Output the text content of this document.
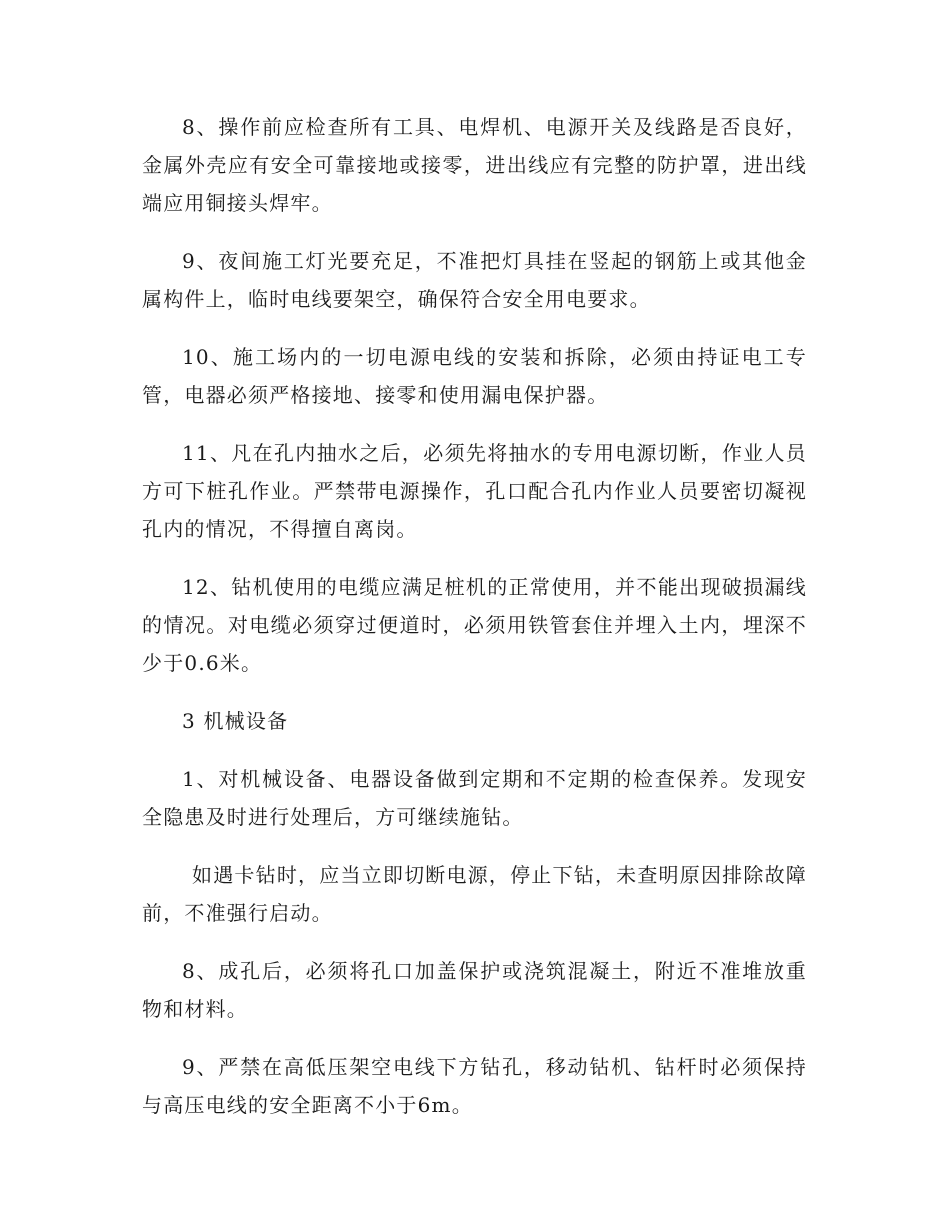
8、操作前应检查所有工具、电焊机、电源开关及线路是否良好，金属外壳应有安全可靠接地或接零，进出线应有完整的防护罩，进出线端应用铜接头焊牢。

9、夜间施工灯光要充足，不准把灯具挂在竖起的钢筋上或其他金属构件上，临时电线要架空，确保符合安全用电要求。

10、施工场内的一切电源电线的安装和拆除，必须由持证电工专管，电器必须严格接地、接零和使用漏电保护器。

11、凡在孔内抽水之后，必须先将抽水的专用电源切断，作业人员方可下桩孔作业。严禁带电源操作，孔口配合孔内作业人员要密切凝视孔内的情况，不得擅自离岗。

12、钻机使用的电缆应满足桩机的正常使用，并不能出现破损漏线的情况。对电缆必须穿过便道时，必须用铁管套住并埋入土内，埋深不少于0.6米。

3 机械设备

1、对机械设备、电器设备做到定期和不定期的检查保养。发现安全隐患及时进行处理后，方可继续施钻。

如遇卡钻时，应当立即切断电源，停止下钻，未查明原因排除故障前，不准强行启动。

8、成孔后，必须将孔口加盖保护或浇筑混凝土，附近不准堆放重物和材料。

9、严禁在高低压架空电线下方钻孔，移动钻机、钻杆时必须保持与高压电线的安全距离不小于6m。
